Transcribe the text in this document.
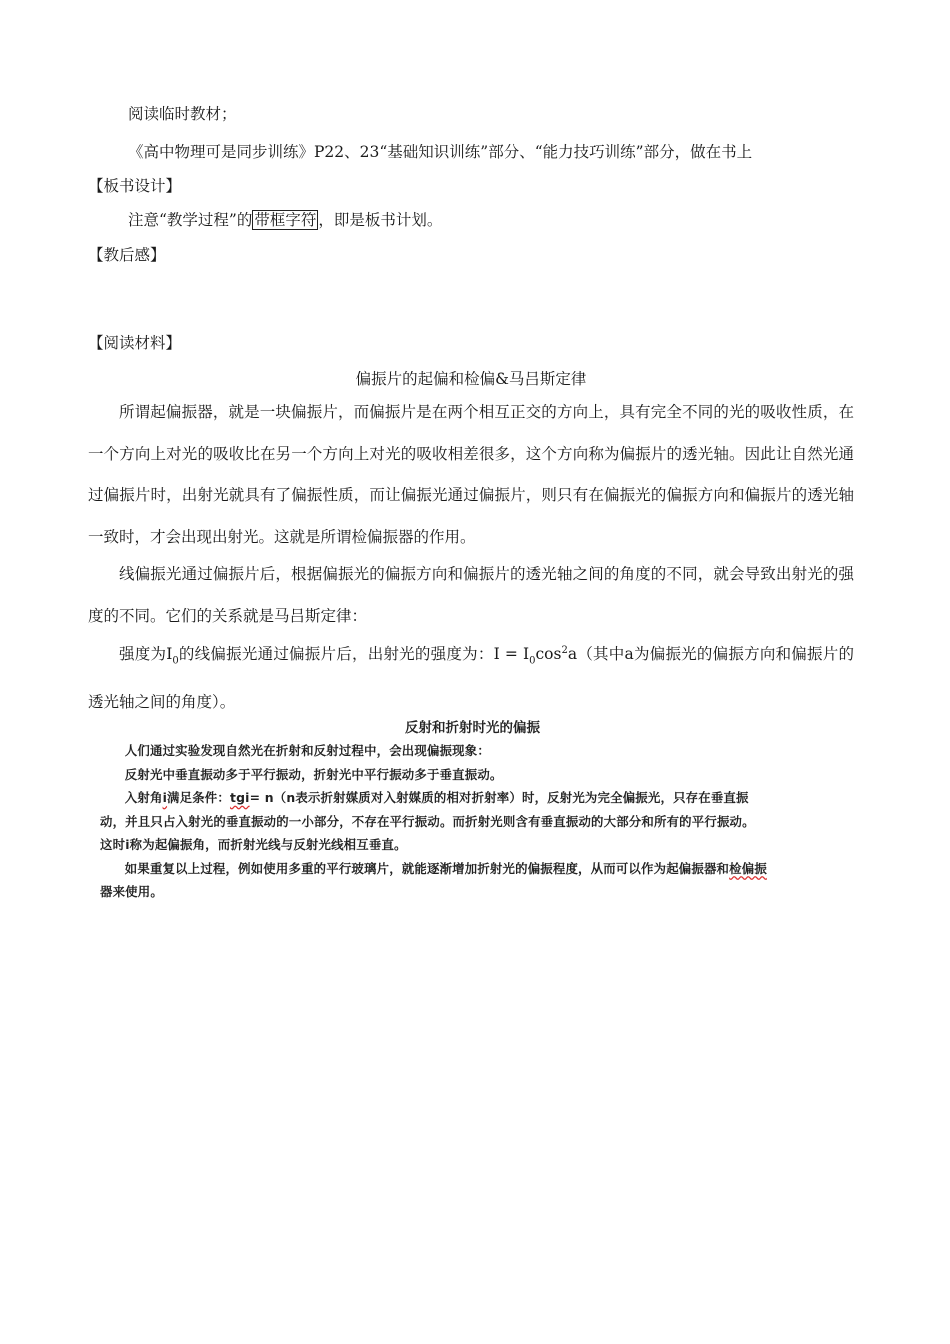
阅读临时教材；
《高中物理可是同步训练》P22、23“基础知识训练”部分、“能力技巧训练”部分，做在书上
【板书设计】
注意“教学过程”的 带框字符 ，即是板书计划。
【教后感】
【阅读材料】
偏振片的起偏和检偏&马吕斯定律

所谓起偏振器，就是一块偏振片，而偏振片是在两个相互正交的方向上，具有完全不同的光的吸收性质，在一个方向上对光的吸收比在另一个方向上对光的吸收相差很多，这个方向称为偏振片的透光轴。因此让自然光通过偏振片时，出射光就具有了偏振性质，而让偏振光通过偏振片，则只有在偏振光的偏振方向和偏振片的透光轴一致时，才会出现出射光。这就是所谓检偏振器的作用。

线偏振光通过偏振片后，根据偏振光的偏振方向和偏振片的透光轴之间的角度的不同，就会导致出射光的强度的不同。它们的关系就是马吕斯定律：

强度为$I_0$的线偏振光通过偏振片后，出射光的强度为：$I = I_0\cos^2a$（其中a为偏振光的偏振方向和偏振片的透光轴之间的角度）。

反射和折射时光的偏振

人们通过实验发现自然光在折射和反射过程中，会出现偏振现象：

反射光中垂直振动多于平行振动，折射光中平行振动多于垂直振动。

入射角i满足条件：tgi= n（n表示折射媒质对入射媒质的相对折射率）时，反射光为完全偏振光，只存在垂直振

动，并且只占入射光的垂直振动的一小部分，不存在平行振动。而折射光则含有垂直振动的大部分和所有的平行振动。

这时i称为起偏振角，而折射光线与反射光线相互垂直。

如果重复以上过程，例如使用多重的平行玻璃片，就能逐渐增加折射光的偏振程度，从而可以作为起偏振器和检偏振

器来使用。
